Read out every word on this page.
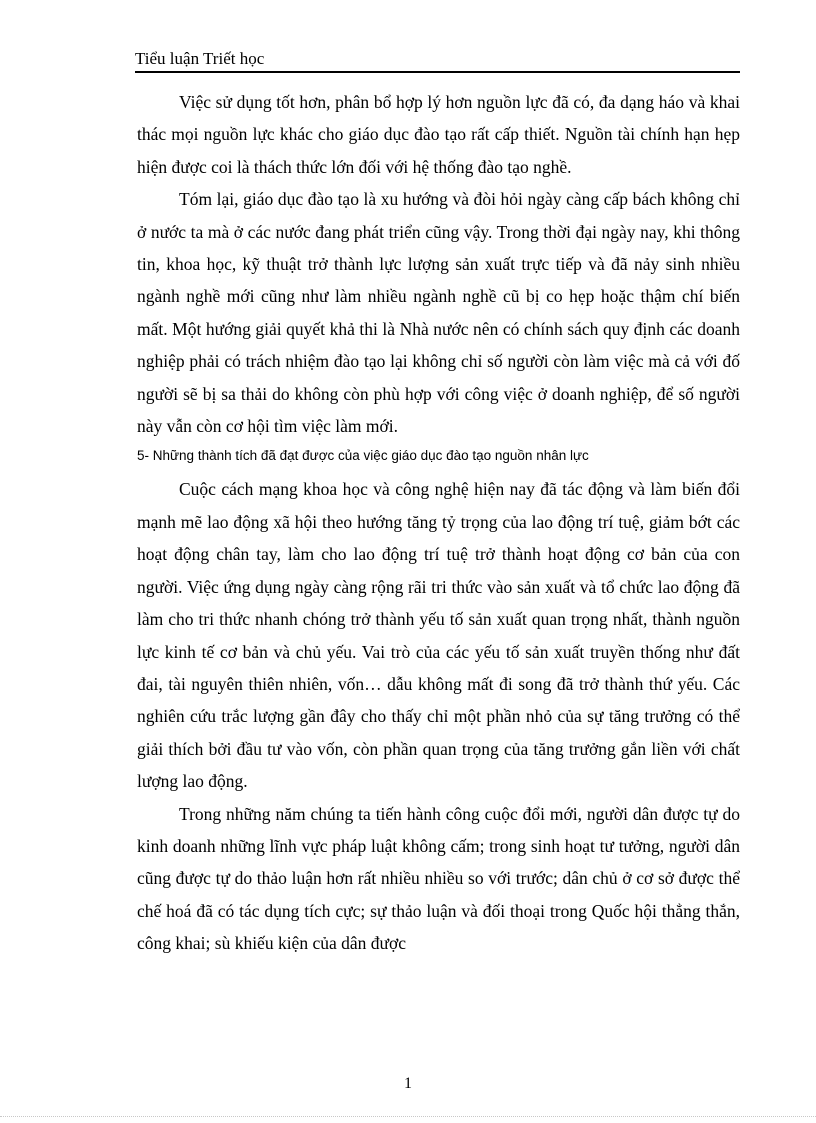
Tiểu luận Triết học

Việc sử dụng tốt hơn, phân bổ hợp lý hơn nguồn lực đã có, đa dạng háo và khai thác mọi nguồn lực khác cho giáo dục đào tạo rất cấp thiết. Nguồn tài chính hạn hẹp hiện được coi là thách thức lớn đối với hệ thống đào tạo nghề.

Tóm lại, giáo dục đào tạo là xu hướng và đòi hỏi ngày càng cấp bách không chỉ ở nước ta mà ở các nước đang phát triển cũng vậy. Trong thời đại ngày nay, khi thông tin, khoa học, kỹ thuật trở thành lực lượng sản xuất trực tiếp và đã nảy sinh nhiều ngành nghề mới cũng như làm nhiều ngành nghề cũ bị co hẹp hoặc thậm chí biến mất. Một hướng giải quyết khả thi là Nhà nước nên có chính sách quy định các doanh nghiệp phải có trách nhiệm đào tạo lại không chỉ số người còn làm việc mà cả với đố người sẽ bị sa thải do không còn phù hợp với công việc ở doanh nghiệp, để số người này vẫn còn cơ hội tìm việc làm mới.

5- Những thành tích đã đạt được của việc giáo dục đào tạo nguồn nhân lực

Cuộc cách mạng khoa học và công nghệ hiện nay đã tác động và làm biến đổi mạnh mẽ lao động xã hội theo hướng tăng tỷ trọng của lao động trí tuệ, giảm bớt các hoạt động chân tay, làm cho lao động trí tuệ trở thành hoạt động cơ bản của con người. Việc ứng dụng ngày càng rộng rãi tri thức vào sản xuất và tổ chức lao động đã làm cho tri thức nhanh chóng trở thành yếu tố sản xuất quan trọng nhất, thành nguồn lực kinh tế cơ bản và chủ yếu. Vai trò của các yếu tố sản xuất truyền thống như đất đai, tài nguyên thiên nhiên, vốn… dẫu không mất đi song đã trở thành thứ yếu. Các nghiên cứu trắc lượng gần đây cho thấy chỉ một phần nhỏ của sự tăng trưởng có thể giải thích bởi đầu tư vào vốn, còn phần quan trọng của tăng trưởng gắn liền với chất lượng lao động.

Trong những năm chúng ta tiến hành công cuộc đổi mới, người dân được tự do kinh doanh những lĩnh vực pháp luật không cấm; trong sinh hoạt tư tưởng, người dân cũng được tự do thảo luận hơn rất nhiều nhiều so với trước; dân chủ ở cơ sở được thể chế hoá đã có tác dụng tích cực; sự thảo luận và đối thoại trong Quốc hội thẳng thắn, công khai; sù khiếu kiện của dân được

1
